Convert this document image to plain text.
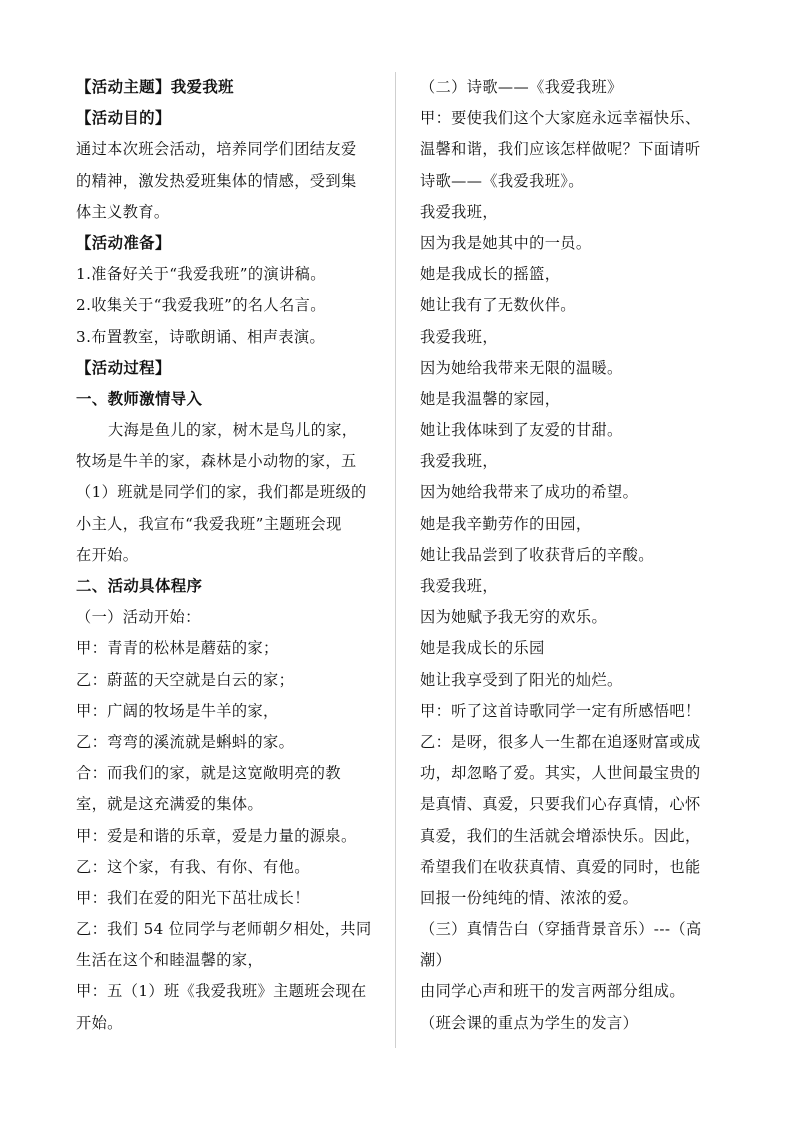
【活动主题】我爱我班
【活动目的】
通过本次班会活动，培养同学们团结友爱
的精神，激发热爱班集体的情感，受到集
体主义教育。
【活动准备】
1.准备好关于“我爱我班”的演讲稿。
2.收集关于“我爱我班”的名人名言。
3.布置教室，诗歌朗诵、相声表演。
【活动过程】
一、教师激情导入
大海是鱼儿的家，树木是鸟儿的家，
牧场是牛羊的家，森林是小动物的家，五
（1）班就是同学们的家，我们都是班级的
小主人，我宣布“我爱我班”主题班会现
在开始。
二、活动具体程序
（一）活动开始：
甲：青青的松林是蘑菇的家；
乙：蔚蓝的天空就是白云的家；
甲：广阔的牧场是牛羊的家，
乙：弯弯的溪流就是蝌蚪的家。
合：而我们的家，就是这宽敞明亮的教
室，就是这充满爱的集体。
甲：爱是和谐的乐章，爱是力量的源泉。
乙：这个家，有我、有你、有他。
甲：我们在爱的阳光下茁壮成长！
乙：我们 54 位同学与老师朝夕相处，共同
生活在这个和睦温馨的家，
甲：五（1）班《我爱我班》主题班会现在
开始。
（二）诗歌——《我爱我班》
甲：要使我们这个大家庭永远幸福快乐、
温馨和谐，我们应该怎样做呢？下面请听
诗歌——《我爱我班》。
我爱我班，
因为我是她其中的一员。
她是我成长的摇篮，
她让我有了无数伙伴。
我爱我班，
因为她给我带来无限的温暖。
她是我温馨的家园，
她让我体味到了友爱的甘甜。
我爱我班，
因为她给我带来了成功的希望。
她是我辛勤劳作的田园，
她让我品尝到了收获背后的辛酸。
我爱我班，
因为她赋予我无穷的欢乐。
她是我成长的乐园
她让我享受到了阳光的灿烂。
甲：听了这首诗歌同学一定有所感悟吧！
乙：是呀，很多人一生都在追逐财富或成
功，却忽略了爱。其实，人世间最宝贵的
是真情、真爱，只要我们心存真情，心怀
真爱，我们的生活就会增添快乐。因此，
希望我们在收获真情、真爱的同时，也能
回报一份纯纯的情、浓浓的爱。
（三）真情告白（穿插背景音乐）---（高
潮）
由同学心声和班干的发言两部分组成。
（班会课的重点为学生的发言）
